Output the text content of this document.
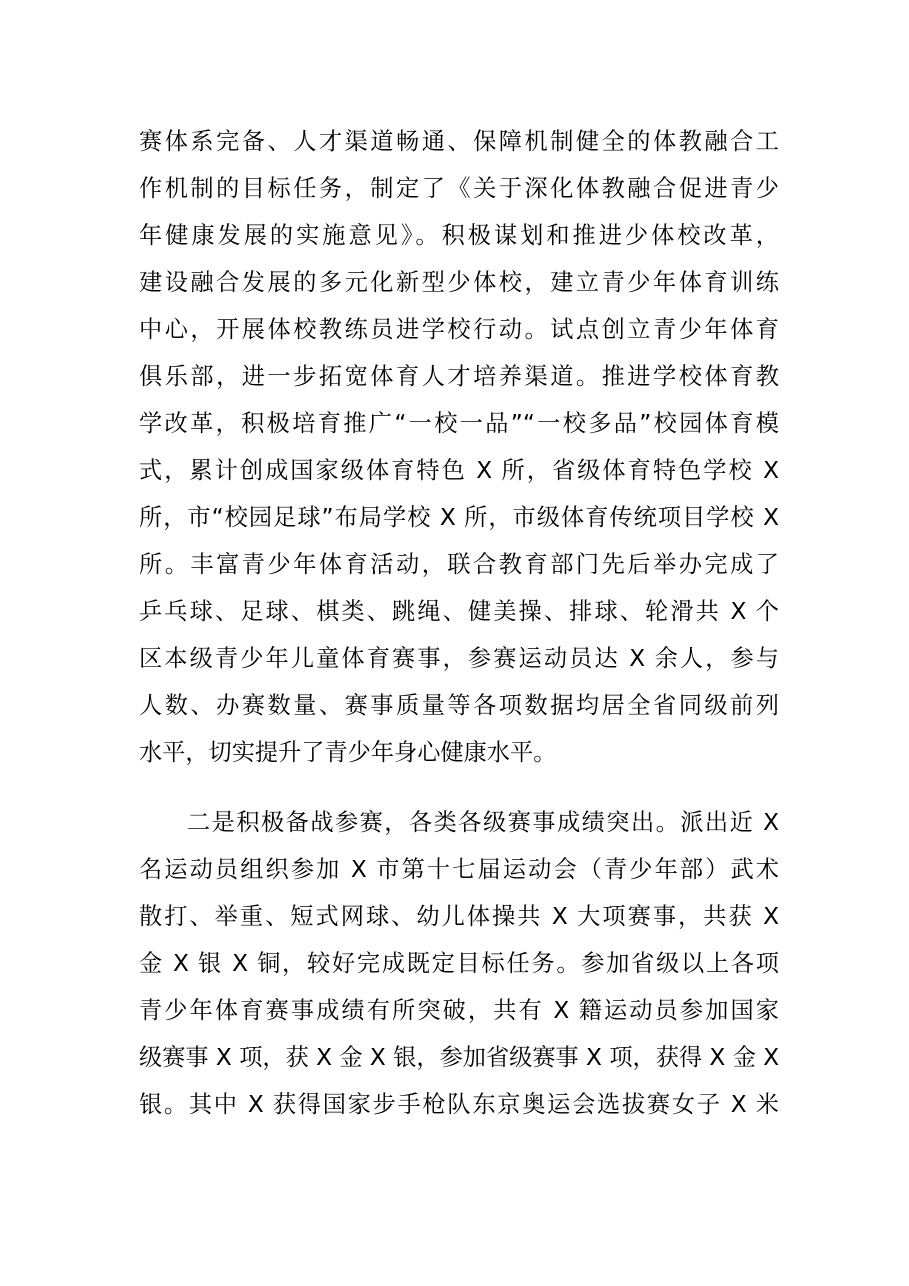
赛体系完备、人才渠道畅通、保障机制健全的体教融合工
作机制的目标任务，制定了《关于深化体教融合促进青少
年健康发展的实施意见》。积极谋划和推进少体校改革，
建设融合发展的多元化新型少体校，建立青少年体育训练
中心，开展体校教练员进学校行动。试点创立青少年体育
俱乐部，进一步拓宽体育人才培养渠道。推进学校体育教
学改革，积极培育推广“一校一品”“一校多品”校园体育模
式，累计创成国家级体育特色 X 所，省级体育特色学校 X
所，市“校园足球”布局学校 X 所，市级体育传统项目学校 X
所。丰富青少年体育活动，联合教育部门先后举办完成了
乒乓球、足球、棋类、跳绳、健美操、排球、轮滑共 X 个
区本级青少年儿童体育赛事，参赛运动员达 X 余人，参与
人数、办赛数量、赛事质量等各项数据均居全省同级前列
水平，切实提升了青少年身心健康水平。
二是积极备战参赛，各类各级赛事成绩突出。派出近 X
名运动员组织参加 X 市第十七届运动会（青少年部）武术
散打、举重、短式网球、幼儿体操共 X 大项赛事，共获 X
金 X 银 X 铜，较好完成既定目标任务。参加省级以上各项
青少年体育赛事成绩有所突破，共有 X 籍运动员参加国家
级赛事 X 项，获 X 金 X 银，参加省级赛事 X 项，获得 X 金 X
银。其中 X 获得国家步手枪队东京奥运会选拔赛女子 X 米
